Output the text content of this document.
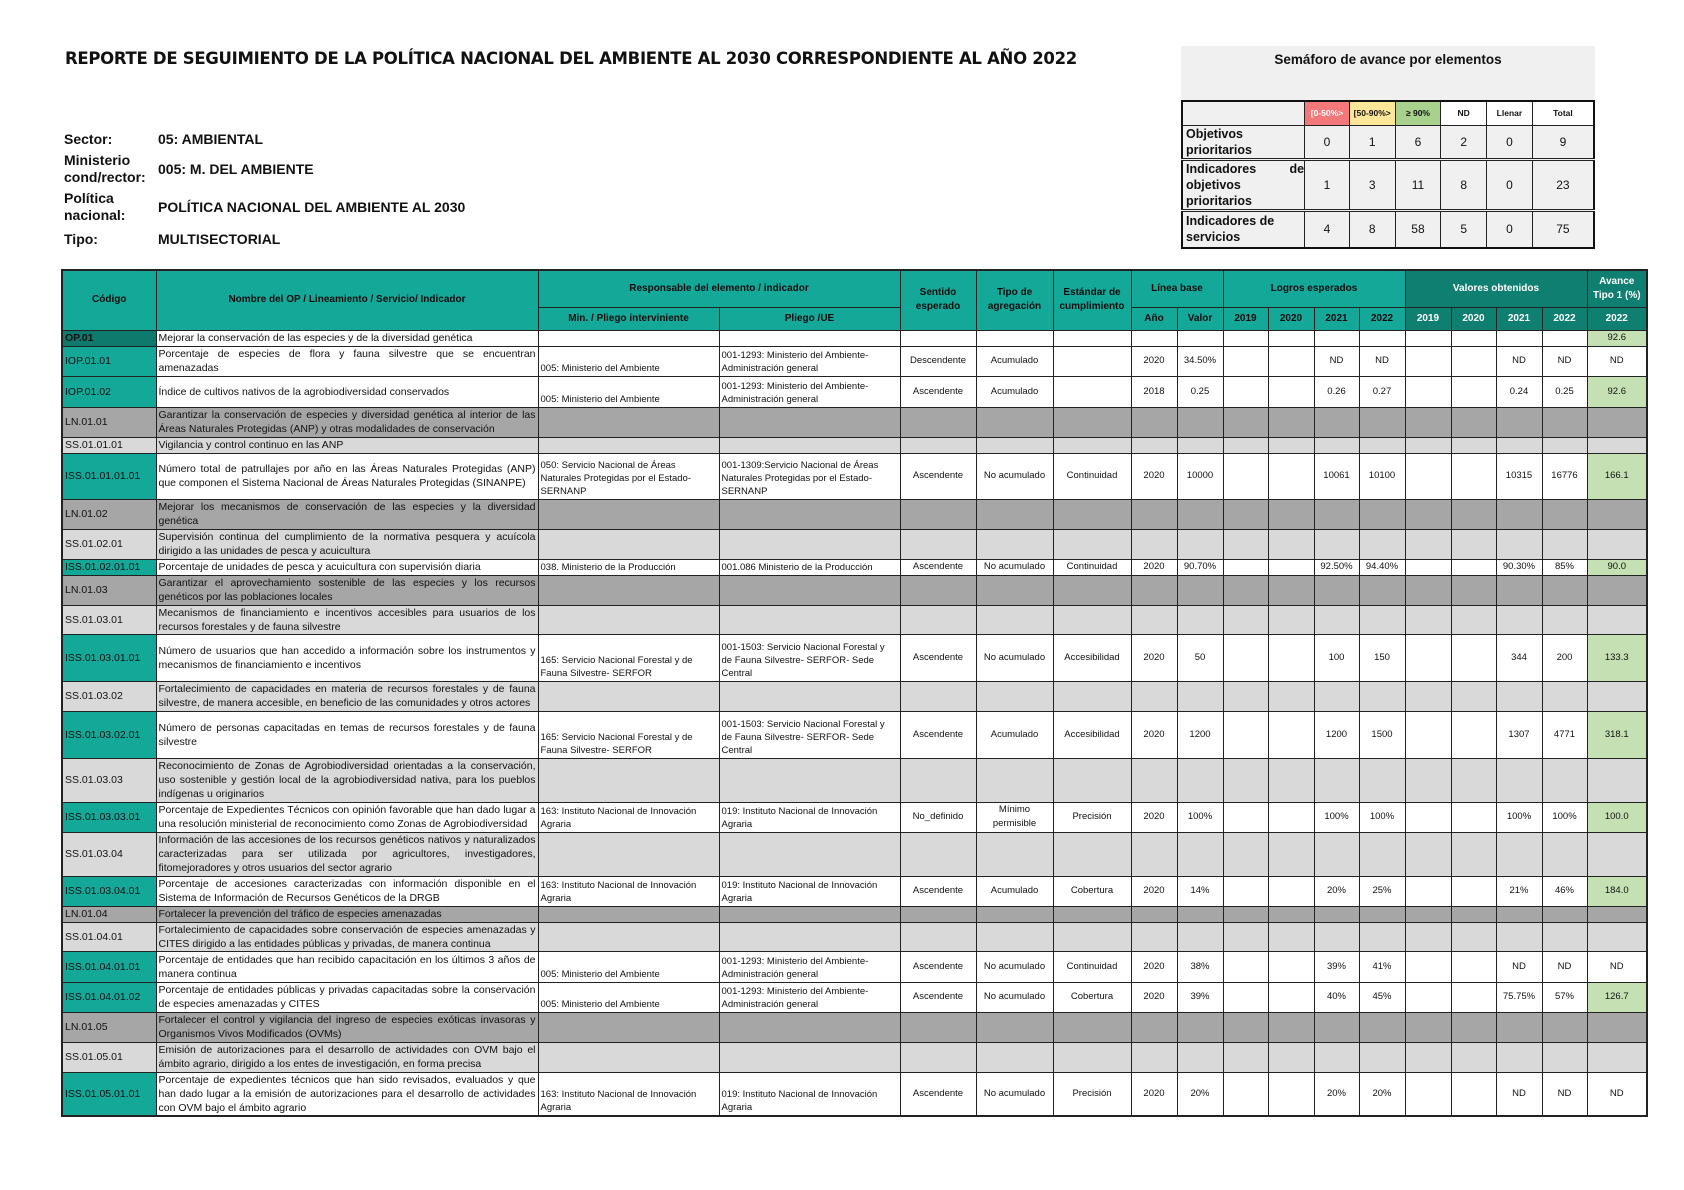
REPORTE DE SEGUIMIENTO DE LA POLÍTICA NACIONAL DEL AMBIENTE AL 2030 CORRESPONDIENTE AL AÑO 2022
Sector:	05: AMBIENTAL
Ministerio cond/rector: 005: M. DEL AMBIENTE
Política nacional:	POLÍTICA NACIONAL DEL AMBIENTE AL 2030
Tipo:	MULTISECTORIAL
Semáforo de avance por elementos
	[0-50%>	[50-90%>	≥ 90%	ND	Llenar	Total
Objetivos prioritarios	0	1	6	2	0	9
Indicadores de objetivos prioritarios	1	3	11	8	0	23
Indicadores de servicios	4	8	58	5	0	75
Código	Nombre del OP / Lineamiento / Servicio/ Indicador	Responsable del elemento / indicador		Sentido esperado	Tipo de agregación	Estándar de cumplimiento	Línea base		Logros esperados				Valores obtenidos				Avance Tipo 1 (%)
		Min. / Pliego interviniente	Pliego /UE				Año	Valor	2019	2020	2021	2022	2019	2020	2021	2022	2022
OP.01	Mejorar la conservación de las especies y de la diversidad genética																92.6
IOP.01.01	Porcentaje de especies de flora y fauna silvestre que se encuentran amenazadas	005: Ministerio del Ambiente	001-1293: Ministerio del Ambiente-Administración general	Descendente	Acumulado		2020	34.50%			ND	ND			ND	ND	ND
IOP.01.02	Índice de cultivos nativos de la agrobiodiversidad conservados	005: Ministerio del Ambiente	001-1293: Ministerio del Ambiente-Administración general	Ascendente	Acumulado		2018	0.25			0.26	0.27			0.24	0.25	92.6
LN.01.01	Garantizar la conservación de especies y diversidad genética al interior de las Áreas Naturales Protegidas (ANP) y otras modalidades de conservación																
SS.01.01.01	Vigilancia y control continuo en las ANP																
ISS.01.01.01.01	Número total de patrullajes por año en las Áreas Naturales Protegidas (ANP) que componen el Sistema Nacional de Áreas Naturales Protegidas (SINANPE)	050: Servicio Nacional de Áreas Naturales Protegidas por el Estado-SERNANP	001-1309:Servicio Nacional de Áreas Naturales Protegidas por el Estado-SERNANP	Ascendente	No acumulado	Continuidad	2020	10000			10061	10100			10315	16776	166.1
LN.01.02	Mejorar los mecanismos de conservación de las especies y la diversidad genética																
SS.01.02.01	Supervisión continua del cumplimiento de la normativa pesquera y acuícola dirigido a las unidades de pesca y acuicultura																
ISS.01.02.01.01	Porcentaje de unidades de pesca y acuicultura con supervisión diaria	038. Ministerio de la Producción	001.086 Ministerio de la Producción	Ascendente	No acumulado	Continuidad	2020	90.70%			92.50%	94.40%			90.30%	85%	90.0
LN.01.03	Garantizar el aprovechamiento sostenible de las especies y los recursos genéticos por las poblaciones locales																
SS.01.03.01	Mecanismos de financiamiento e incentivos accesibles para usuarios de los recursos forestales y de fauna silvestre																
ISS.01.03.01.01	Número de usuarios que han accedido a información sobre los instrumentos y mecanismos de financiamiento e incentivos	165: Servicio Nacional Forestal y de Fauna Silvestre- SERFOR	001-1503: Servicio Nacional Forestal y de Fauna Silvestre- SERFOR- Sede Central	Ascendente	No acumulado	Accesibilidad	2020	50			100	150			344	200	133.3
SS.01.03.02	Fortalecimiento de capacidades en materia de recursos forestales y de fauna silvestre, de manera accesible, en beneficio de las comunidades y otros actores																
ISS.01.03.02.01	Número de personas capacitadas en temas de recursos forestales y de fauna silvestre	165: Servicio Nacional Forestal y de Fauna Silvestre- SERFOR	001-1503: Servicio Nacional Forestal y de Fauna Silvestre- SERFOR- Sede Central	Ascendente	Acumulado	Accesibilidad	2020	1200			1200	1500			1307	4771	318.1
SS.01.03.03	Reconocimiento de Zonas de Agrobiodiversidad orientadas a la conservación, uso sostenible y gestión local de la agrobiodiversidad nativa, para los pueblos indígenas u originarios																
ISS.01.03.03.01	Porcentaje de Expedientes Técnicos con opinión favorable que han dado lugar a una resolución ministerial de reconocimiento como Zonas de Agrobiodiversidad	163: Instituto Nacional de Innovación Agraria	019: Instituto Nacional de Innovación Agraria	No_definido	Mínimo permisible	Precisión	2020	100%			100%	100%			100%	100%	100.0
SS.01.03.04	Información de las accesiones de los recursos genéticos nativos y naturalizados caracterizadas para ser utilizada por agricultores, investigadores, fitomejoradores y otros usuarios del sector agrario																
ISS.01.03.04.01	Porcentaje de accesiones caracterizadas con información disponible en el Sistema de Información de Recursos Genéticos de la DRGB	163: Instituto Nacional de Innovación Agraria	019: Instituto Nacional de Innovación Agraria	Ascendente	Acumulado	Cobertura	2020	14%			20%	25%			21%	46%	184.0
LN.01.04	Fortalecer la prevención del tráfico de especies amenazadas																
SS.01.04.01	Fortalecimiento de capacidades sobre conservación de especies amenazadas y CITES dirigido a las entidades públicas y privadas, de manera continua																
ISS.01.04.01.01	Porcentaje de entidades que han recibido capacitación en los últimos 3 años de manera continua	005: Ministerio del Ambiente	001-1293: Ministerio del Ambiente-Administración general	Ascendente	No acumulado	Continuidad	2020	38%			39%	41%			ND	ND	ND
ISS.01.04.01.02	Porcentaje de entidades públicas y privadas capacitadas sobre la conservación de especies amenazadas y CITES	005: Ministerio del Ambiente	001-1293: Ministerio del Ambiente-Administración general	Ascendente	No acumulado	Cobertura	2020	39%			40%	45%			75.75%	57%	126.7
LN.01.05	Fortalecer el control y vigilancia del ingreso de especies exóticas invasoras y Organismos Vivos Modificados (OVMs)																
SS.01.05.01	Emisión de autorizaciones para el desarrollo de actividades con OVM bajo el ámbito agrario, dirigido a los entes de investigación, en forma precisa																
ISS.01.05.01.01	Porcentaje de expedientes técnicos que han sido revisados, evaluados y que han dado lugar a la emisión de autorizaciones para el desarrollo de actividades con OVM bajo el ámbito agrario	163: Instituto Nacional de Innovación Agraria	019: Instituto Nacional de Innovación Agraria	Ascendente	No acumulado	Precisión	2020	20%			20%	20%			ND	ND	ND
